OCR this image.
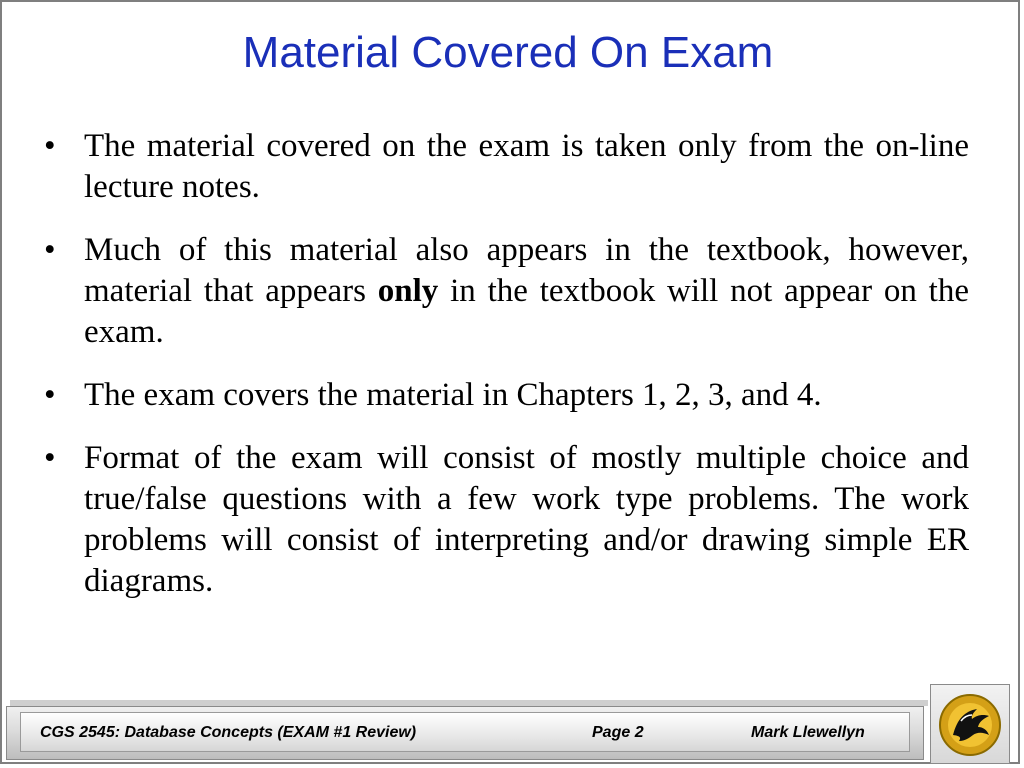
Material Covered On Exam
• The material covered on the exam is taken only from the on-line lecture notes.
• Much of this material also appears in the textbook, however, material that appears only in the textbook will not appear on the exam.
• The exam covers the material in Chapters 1, 2, 3, and 4.
• Format of the exam will consist of mostly multiple choice and true/false questions with a few work type problems. The work problems will consist of interpreting and/or drawing simple ER diagrams.
CGS 2545: Database Concepts (EXAM #1 Review)	Page 2	Mark Llewellyn
